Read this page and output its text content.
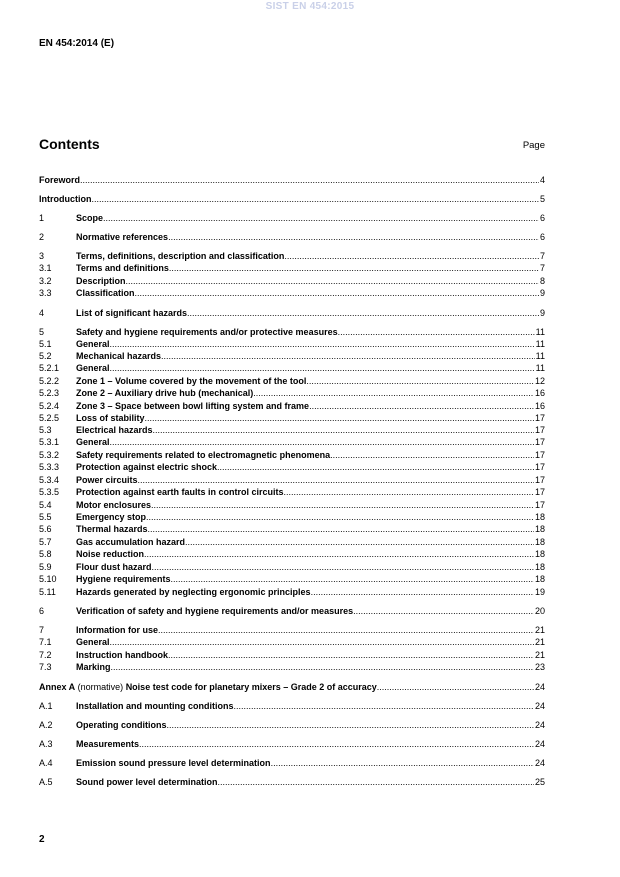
SIST EN 454:2015
EN 454:2014 (E)
Contents	Page
Foreword .....	4
Introduction .....	5
1	Scope .....	6
2	Normative references .....	6
3	Terms, definitions, description and classification .....	7
3.1	Terms and definitions .....	7
3.2	Description .....	8
3.3	Classification .....	9
4	List of significant hazards .....	9
5	Safety and hygiene requirements and/or protective measures .....	11
5.1	General .....	11
5.2	Mechanical hazards .....	11
5.2.1	General .....	11
5.2.2	Zone 1 – Volume covered by the movement of the tool .....	12
5.2.3	Zone 2 – Auxiliary drive hub (mechanical) .....	16
5.2.4	Zone 3 – Space between bowl lifting system and frame .....	16
5.2.5	Loss of stability .....	17
5.3	Electrical hazards .....	17
5.3.1	General .....	17
5.3.2	Safety requirements related to electromagnetic phenomena .....	17
5.3.3	Protection against electric shock .....	17
5.3.4	Power circuits .....	17
5.3.5	Protection against earth faults in control circuits .....	17
5.4	Motor enclosures .....	17
5.5	Emergency stop .....	18
5.6	Thermal hazards .....	18
5.7	Gas accumulation hazard .....	18
5.8	Noise reduction .....	18
5.9	Flour dust hazard .....	18
5.10	Hygiene requirements .....	18
5.11	Hazards generated by neglecting ergonomic principles .....	19
6	Verification of safety and hygiene requirements and/or measures .....	20
7	Information for use .....	21
7.1	General .....	21
7.2	Instruction handbook .....	21
7.3	Marking .....	23
Annex A (normative) Noise test code for planetary mixers – Grade 2 of accuracy .....	24
A.1	Installation and mounting conditions .....	24
A.2	Operating conditions .....	24
A.3	Measurements .....	24
A.4	Emission sound pressure level determination .....	24
A.5	Sound power level determination .....	25
2
